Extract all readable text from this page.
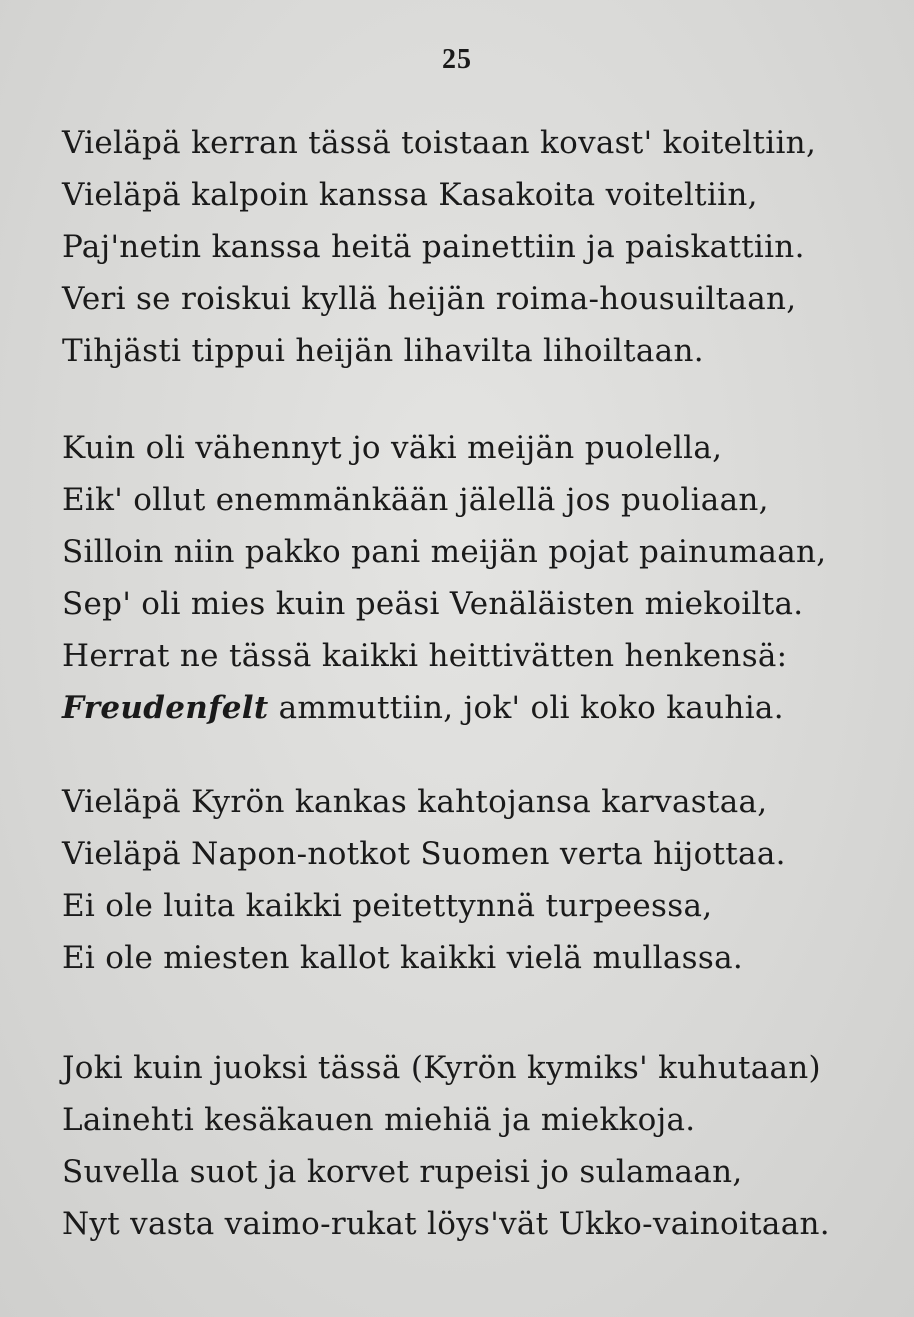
25
Vieläpä kerran tässä toistaan kovast' koiteltiin,
Vieläpä kalpoin kanssa Kasakoita voiteltiin,
Paj'netin kanssa heitä painettiin ja paiskattiin.
Veri se roiskui kyllä heijän roima-housuiltaan,
Tihjästi tippui heijän lihavilta lihoiltaan.
Kuin oli vähennyt jo väki meijän puolella,
Eik' ollut enemmänkään jälellä jos puoliaan,
Silloin niin pakko pani meijän pojat painumaan,
Sep' oli mies kuin peäsi Venäläisten miekoilta.
Herrat ne tässä kaikki heittivätten henkensä:
Freudenfelt ammuttiin, jok' oli koko kauhia.
Vieläpä Kyrön kankas kahtojansa karvastaa,
Vieläpä Napon-notkot Suomen verta hijottaa.
Ei ole luita kaikki peitettynnä turpeessa,
Ei ole miesten kallot kaikki vielä mullassa.
Joki kuin juoksi tässä (Kyrön kymiks' kuhutaan)
Lainehti kesäkauen miehiä ja miekkoja.
Suvella suot ja korvet rupeisi jo sulamaan,
Nyt vasta vaimo-rukat löys'vät Ukko-vainoitaan.
